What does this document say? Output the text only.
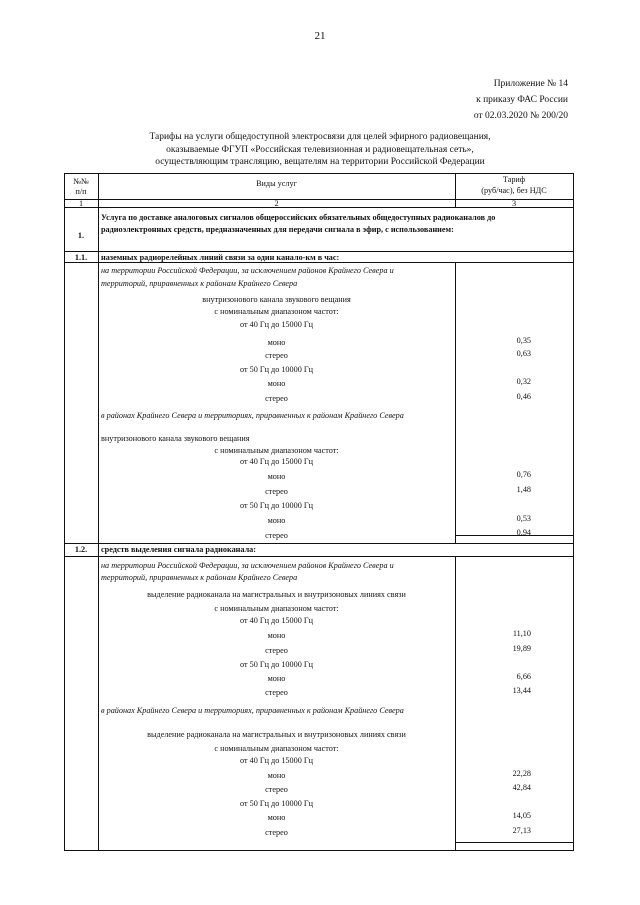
21
Приложение № 14
к приказу ФАС России
от 02.03.2020 № 200/20
Тарифы на услуги общедоступной электросвязи для целей эфирного радиовещания,
оказываемые ФГУП «Российская телевизионная и радиовещательная сеть»,
осуществляющим трансляцию, вещателям на территории Российской Федерации
№№
п/п
Виды услуг	Тариф
(руб/час), без НДС
1	2	3
1.
Услуга по доставке аналоговых сигналов общероссийских обязательных общедоступных радиоканалов до
радиоэлектронных средств, предназначенных для передачи сигнала в эфир, с использованием:
1.1.	наземных радиорелейных линий связи за один канало-км в час:
на территории Российской Федерации, за исключением районов Крайнего Севера и
территорий, приравненных к районам Крайнего Севера
внутризонового канала звукового вещания
с номинальным диапазоном частот:
от 40 Гц до 15000 Гц
моно	0,35
стерео	0,63
от 50 Гц до 10000 Гц
моно	0,32
стерео	0,46
в районах Крайнего Севера и территориях, приравненных к районам Крайнего Севера
внутризонового канала звукового вещания
с номинальным диапазоном частот:
от 40 Гц до 15000 Гц
моно	0,76
стерео	1,48
от 50 Гц до 10000 Гц
моно	0,53
стерео	0,94
1.2.	средств выделения сигнала радиоканала:
на территории Российской Федерации, за исключением районов Крайнего Севера и
территорий, приравненных к районам Крайнего Севера
выделение радиоканала на магистральных и внутризоновых линиях связи
с номинальным диапазоном частот:
от 40 Гц до 15000 Гц
моно	11,10
стерео	19,89
от 50 Гц до 10000 Гц
моно	6,66
стерео	13,44
в районах Крайнего Севера и территориях, приравненных к районам Крайнего Севера
выделение радиоканала на магистральных и внутризоновых линиях связи
с номинальным диапазоном частот:
от 40 Гц до 15000 Гц
моно	22,28
стерео	42,84
от 50 Гц до 10000 Гц
моно	14,05
стерео	27,13
